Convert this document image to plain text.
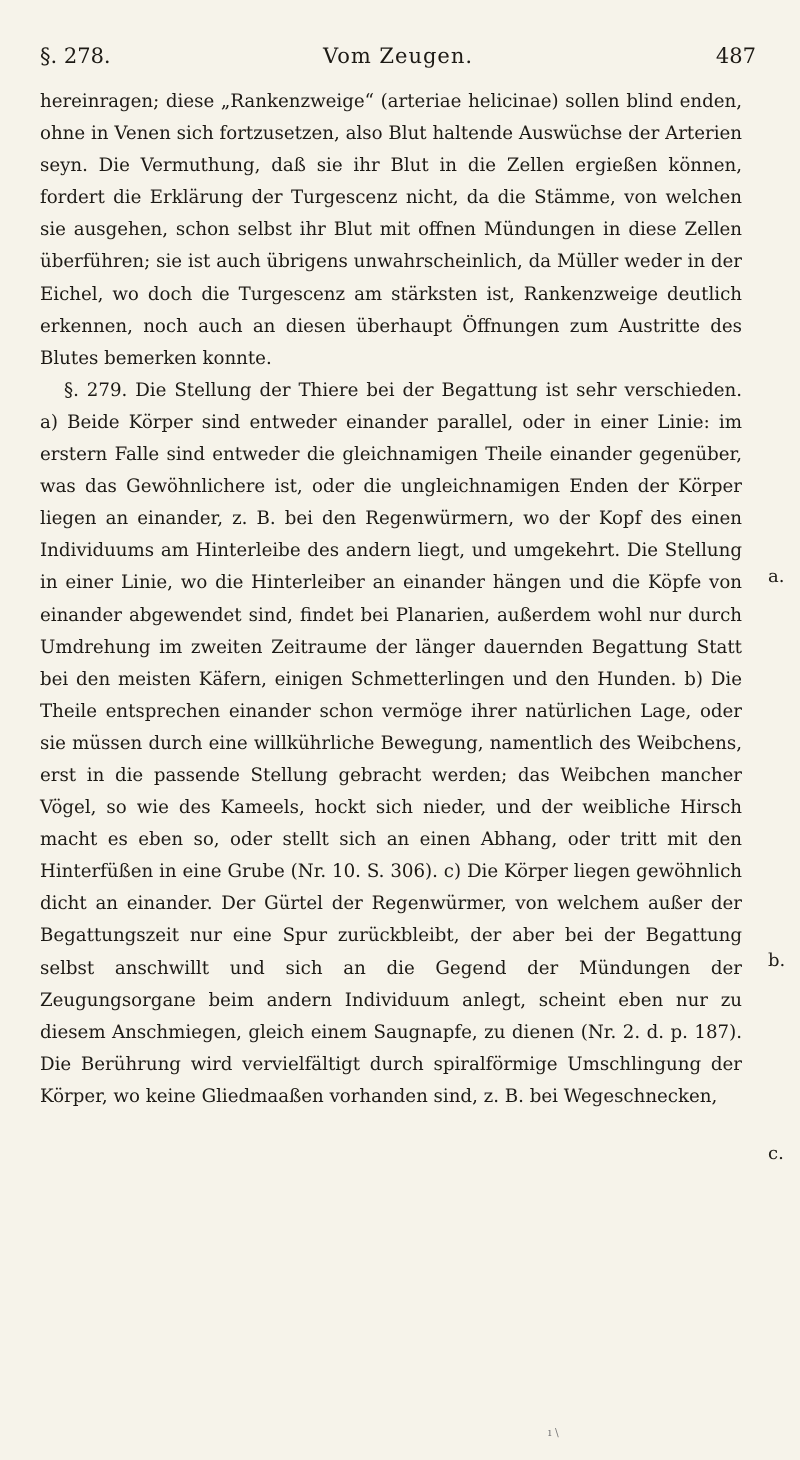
§. 278.	Vom Zeugen.	487

hereinragen; diese „Rankenzweige“ (arteriae helicinae) sollen blind enden, ohne in Venen sich fortzusetzen, also Blut haltende Auswüchse der Arterien seyn. Die Vermuthung, daß sie ihr Blut in die Zellen ergießen können, fordert die Erklärung der Turgescenz nicht, da die Stämme, von welchen sie ausgehen, schon selbst ihr Blut mit offnen Mündungen in diese Zellen überführen; sie ist auch übrigens unwahrscheinlich, da Müller weder in der Eichel, wo doch die Turgescenz am stärksten ist, Rankenzweige deutlich erkennen, noch auch an diesen überhaupt Öffnungen zum Austritte des Blutes bemerken konnte.

§. 279. Die Stellung der Thiere bei der Begattung ist sehr verschieden. a) Beide Körper sind entweder einander parallel, oder in einer Linie: im erstern Falle sind entweder die gleichnamigen Theile einander gegenüber, was das Gewöhnlichere ist, oder die ungleichnamigen Enden der Körper liegen an einander, z. B. bei den Regenwürmern, wo der Kopf des einen Individuums am Hinterleibe des andern liegt, und umgekehrt. Die Stellung in einer Linie, wo die Hinterleiber an einander hängen und die Köpfe von einander abgewendet sind, findet bei Planarien, außerdem wohl nur durch Umdrehung im zweiten Zeitraume der länger dauernden Begattung Statt bei den meisten Käfern, einigen Schmetterlingen und den Hunden. b) Die Theile entsprechen einander schon vermöge ihrer natürlichen Lage, oder sie müssen durch eine willkührliche Bewegung, namentlich des Weibchens, erst in die passende Stellung gebracht werden; das Weibchen mancher Vögel, so wie des Kameels, hockt sich nieder, und der weibliche Hirsch macht es eben so, oder stellt sich an einen Abhang, oder tritt mit den Hinterfüßen in eine Grube (Nr. 10. S. 306). c) Die Körper liegen gewöhnlich dicht an einander. Der Gürtel der Regenwürmer, von welchem außer der Begattungszeit nur eine Spur zurückbleibt, der aber bei der Begattung selbst anschwillt und sich an die Gegend der Mündungen der Zeugungsorgane beim andern Individuum anlegt, scheint eben nur zu diesem Anschmiegen, gleich einem Saugnapfe, zu dienen (Nr. 2. d. p. 187). Die Berührung wird vervielfältigt durch spiralförmige Umschlingung der Körper, wo keine Gliedmaaßen vorhanden sind, z. B. bei Wegeschnecken,

a.
b.
c.
ı \
